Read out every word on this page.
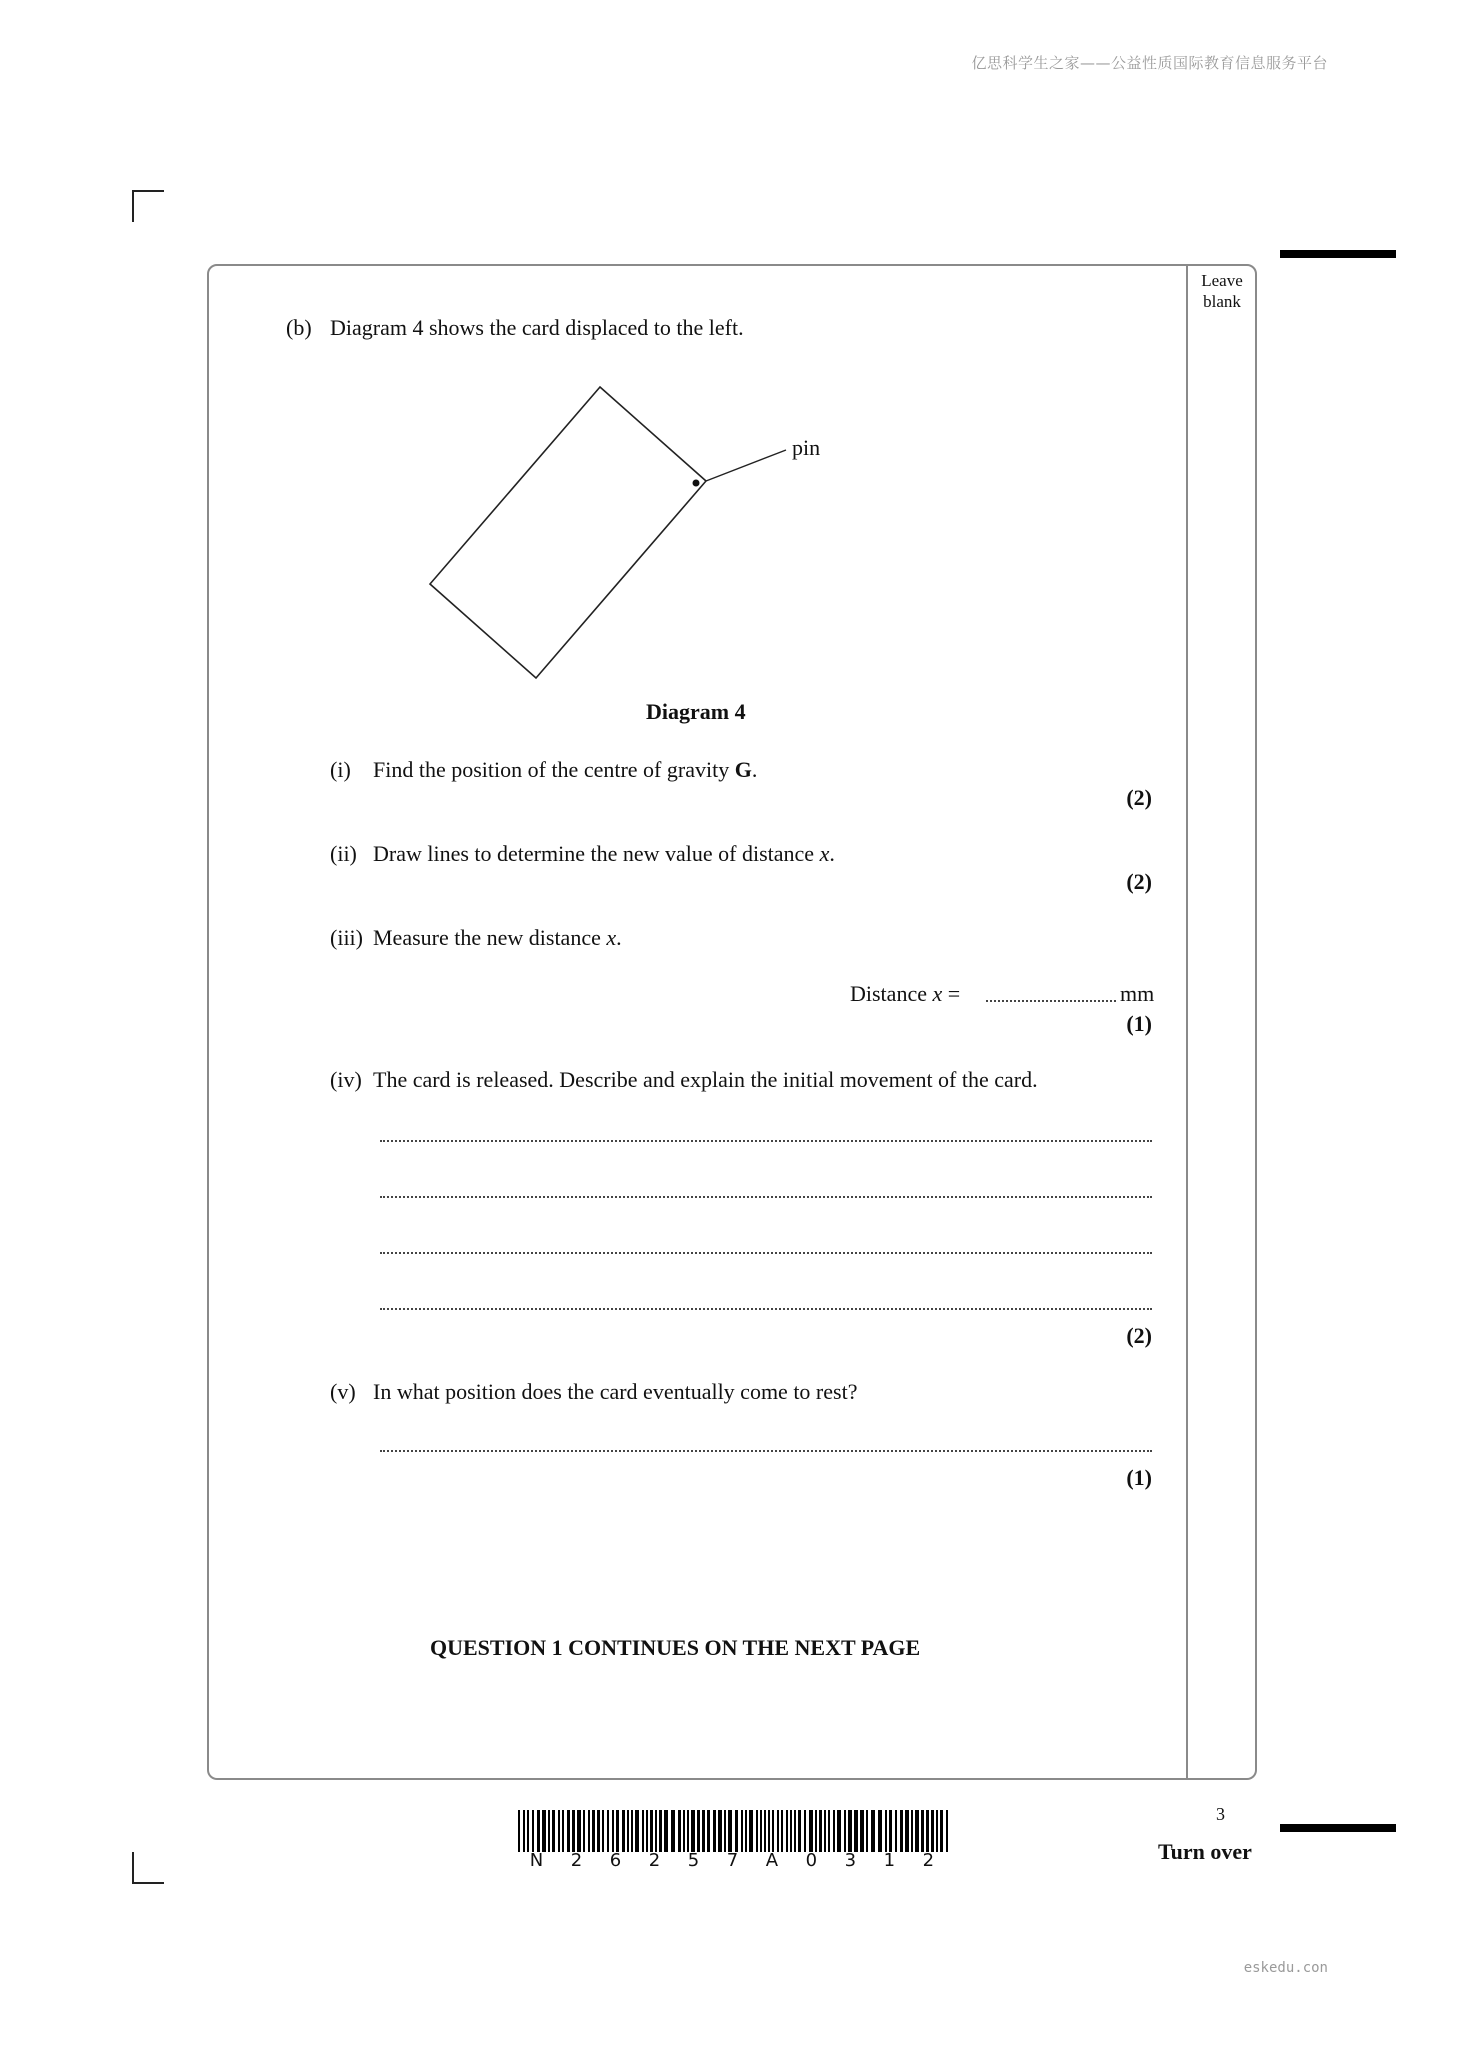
亿思科学生之家——公益性质国际教育信息服务平台
Leave
blank
(b) Diagram 4 shows the card displaced to the left.
pin
Diagram 4
(i) Find the position of the centre of gravity G.
(2)
(ii) Draw lines to determine the new value of distance x.
(2)
(iii) Measure the new distance x.
Distance x =	mm
(1)
(iv) The card is released. Describe and explain the initial movement of the card.
(2)
(v) In what position does the card eventually come to rest?
(1)
QUESTION 1 CONTINUES ON THE NEXT PAGE
3
Turn over
N 2 6 2 5 7 A 0 3 1 2
eskedu.con
